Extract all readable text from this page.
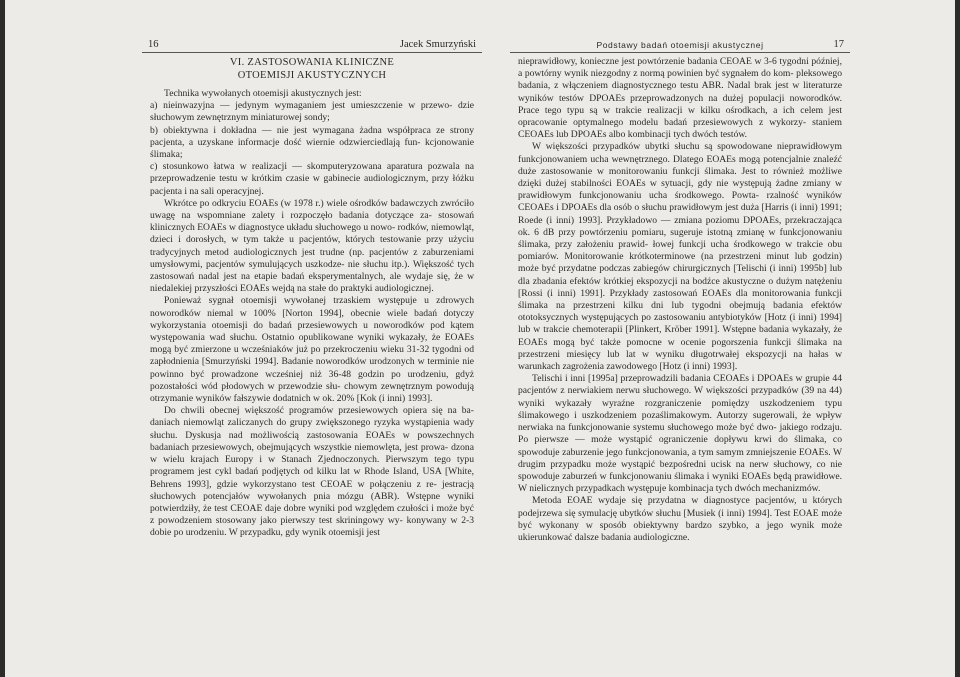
16	Jacek Smurzyński

VI. ZASTOSOWANIA KLINICZNE

OTOEMISJI AKUSTYCZNYCH

Technika wywołanych otoemisji akustycznych jest:

a) nieinwazyjna — jedynym wymaganiem jest umieszczenie w przewo- dzie słuchowym zewnętrznym miniaturowej sondy;

b) obiektywna i dokładna — nie jest wymagana żadna współpraca ze strony pacjenta, a uzyskane informacje dość wiernie odzwierciedlają fun- kcjonowanie ślimaka;

c) stosunkowo łatwa w realizacji — skomputeryzowana aparatura pozwala na przeprowadzenie testu w krótkim czasie w gabinecie audiologicznym, przy łóżku pacjenta i na sali operacyjnej.

Wkrótce po odkryciu EOAEs (w 1978 r.) wiele ośrodków badawczych zwróciło uwagę na wspomniane zalety i rozpoczęło badania dotyczące za- stosowań klinicznych EOAEs w diagnostyce układu słuchowego u nowo- rodków, niemowląt, dzieci i dorosłych, w tym także u pacjentów, których testowanie przy użyciu tradycyjnych metod audiologicznych jest trudne (np. pacjentów z zaburzeniami umysłowymi, pacjentów symulujących uszkodze- nie słuchu itp.). Większość tych zastosowań nadal jest na etapie badań eksperymentalnych, ale wydaje się, że w niedalekiej przyszłości EOAEs wejdą na stałe do praktyki audiologicznej.

Ponieważ sygnał otoemisji wywołanej trzaskiem występuje u zdrowych noworodków niemal w 100% [Norton 1994], obecnie wiele badań dotyczy wykorzystania otoemisji do badań przesiewowych u noworodków pod kątem występowania wad słuchu. Ostatnio opublikowane wyniki wykazały, że EOAEs mogą być zmierzone u wcześniaków już po przekroczeniu wieku 31-32 tygodni od zapłodnienia [Smurzyński 1994]. Badanie noworodków urodzonych w terminie nie powinno być prowadzone wcześniej niż 36-48 godzin po urodzeniu, gdyż pozostałości wód płodowych w przewodzie słu- chowym zewnętrznym powodują otrzymanie wyników fałszywie dodatnich w ok. 20% [Kok (i inni) 1993].

Do chwili obecnej większość programów przesiewowych opiera się na ba- daniach niemowląt zaliczanych do grupy zwiększonego ryzyka wystąpienia wady słuchu. Dyskusja nad możliwością zastosowania EOAEs w powszechnych badaniach przesiewowych, obejmujących wszystkie niemowlęta, jest prowa- dzona w wielu krajach Europy i w Stanach Zjednoczonych. Pierwszym tego typu programem jest cykl badań podjętych od kilku lat w Rhode Island, USA [White, Behrens 1993], gdzie wykorzystano test CEOAE w połączeniu z re- jestracją słuchowych potencjałów wywołanych pnia mózgu (ABR). Wstępne wyniki potwierdziły, że test CEOAE daje dobre wyniki pod względem czułości i może być z powodzeniem stosowany jako pierwszy test skriningowy wy- konywany w 2-3 dobie po urodzeniu. W przypadku, gdy wynik otoemisji jest

Podstawy badań otoemisji akustycznej	17

nieprawidłowy, konieczne jest powtórzenie badania CEOAE w 3-6 tygodni później, a powtórny wynik niezgodny z normą powinien być sygnałem do kom- pleksowego badania, z włączeniem diagnostycznego testu ABR. Nadal brak jest w literaturze wyników testów DPOAEs przeprowadzonych na dużej populacji noworodków. Prace tego typu są w trakcie realizacji w kilku ośrodkach, a ich celem jest opracowanie optymalnego modelu badań przesiewowych z wykorzy- staniem CEOAEs lub DPOAEs albo kombinacji tych dwóch testów.

W większości przypadków ubytki słuchu są spowodowane nieprawidłowym funkcjonowaniem ucha wewnętrznego. Dlatego EOAEs mogą potencjalnie znaleźć duże zastosowanie w monitorowaniu funkcji ślimaka. Jest to również możliwe dzięki dużej stabilności EOAEs w sytuacji, gdy nie występują żadne zmiany w prawidłowym funkcjonowaniu ucha środkowego. Powta- rzalność wyników CEOAEs i DPOAEs dla osób o słuchu prawidłowym jest duża [Harris (i inni) 1991; Roede (i inni) 1993]. Przykładowo — zmiana poziomu DPOAEs, przekraczająca ok. 6 dB przy powtórzeniu pomiaru, sugeruje istotną zmianę w funkcjonowaniu ślimaka, przy założeniu prawid- łowej funkcji ucha środkowego w trakcie obu pomiarów. Monitorowanie krótkoterminowe (na przestrzeni minut lub godzin) może być przydatne podczas zabiegów chirurgicznych [Telischi (i inni) 1995b] lub dla zbadania efektów krótkiej ekspozycji na bodźce akustyczne o dużym natężeniu [Rossi (i inni) 1991]. Przykłady zastosowań EOAEs dla monitorowania funkcji ślimaka na przestrzeni kilku dni lub tygodni obejmują badania efektów ototoksycznych występujących po zastosowaniu antybiotyków [Hotz (i inni) 1994] lub w trakcie chemoterapii [Plinkert, Kröber 1991]. Wstępne badania wykazały, że EOAEs mogą być także pomocne w ocenie pogorszenia funkcji ślimaka na przestrzeni miesięcy lub lat w wyniku długotrwałej ekspozycji na hałas w warunkach zagrożenia zawodowego [Hotz (i inni) 1993].

Telischi i inni [1995a] przeprowadzili badania CEOAEs i DPOAEs w grupie 44 pacjentów z nerwiakiem nerwu słuchowego. W większości przypadków (39 na 44) wyniki wykazały wyraźne rozgraniczenie pomiędzy uszkodzeniem typu ślimakowego i uszkodzeniem pozaślimakowym. Autorzy sugerowali, że wpływ nerwiaka na funkcjonowanie systemu słuchowego może być dwo- jakiego rodzaju. Po pierwsze — może wystąpić ograniczenie dopływu krwi do ślimaka, co spowoduje zaburzenie jego funkcjonowania, a tym samym zmniejszenie EOAEs. W drugim przypadku może wystąpić bezpośredni ucisk na nerw słuchowy, co nie spowoduje zaburzeń w funkcjonowaniu ślimaka i wyniki EOAEs będą prawidłowe. W nielicznych przypadkach występuje kombinacja tych dwóch mechanizmów.

Metoda EOAE wydaje się przydatna w diagnostyce pacjentów, u których podejrzewa się symulację ubytków słuchu [Musiek (i inni) 1994]. Test EOAE może być wykonany w sposób obiektywny bardzo szybko, a jego wynik może ukierunkować dalsze badania audiologiczne.
